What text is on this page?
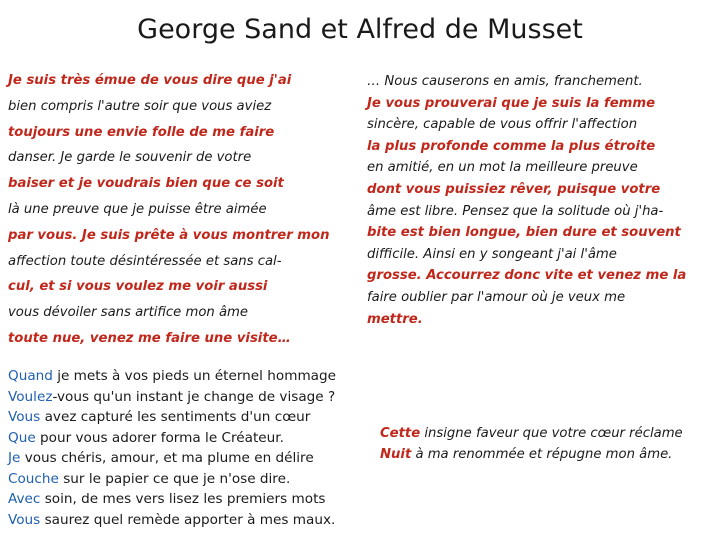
George Sand et Alfred de Musset
Je suis très émue de vous dire que j'ai
bien compris l'autre soir que vous aviez
toujours une envie folle de me faire
danser. Je garde le souvenir de votre
baiser et je voudrais bien que ce soit
là une preuve que je puisse être aimée
par vous. Je suis prête à vous montrer mon
affection toute désintéressée et sans cal-
cul, et si vous voulez me voir aussi
vous dévoiler sans artifice mon âme
toute nue, venez me faire une visite…
… Nous causerons en amis, franchement.
Je vous prouverai que je suis la femme
sincère, capable de vous offrir l'affection
la plus profonde comme la plus étroite
en amitié, en un mot la meilleure preuve
dont vous puissiez rêver, puisque votre
âme est libre. Pensez que la solitude où j'ha-
bite est bien longue, bien dure et souvent
difficile. Ainsi en y songeant j'ai l'âme
grosse. Accourrez donc vite et venez me la
faire oublier par l'amour où je veux me
mettre.
Quand je mets à vos pieds un éternel hommage
Voulez-vous qu'un instant je change de visage ?
Vous avez capturé les sentiments d'un cœur
Que pour vous adorer forma le Créateur.
Je vous chéris, amour, et ma plume en délire
Couche sur le papier ce que je n'ose dire.
Avec soin, de mes vers lisez les premiers mots
Vous saurez quel remède apporter à mes maux.
Cette insigne faveur que votre cœur réclame
Nuit à ma renommée et répugne mon âme.
